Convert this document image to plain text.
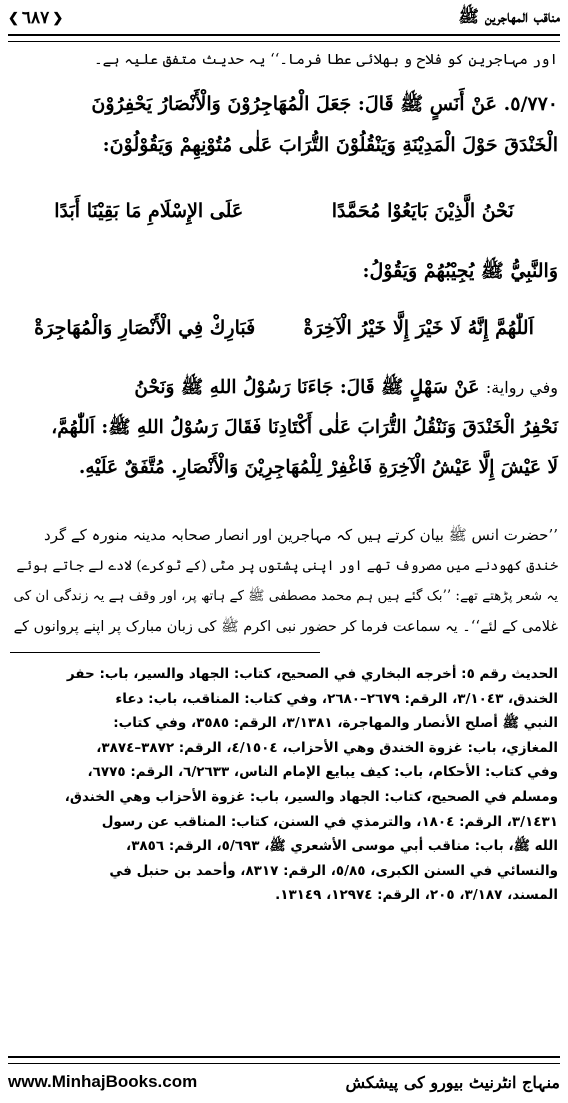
❮ ٦٨٧ ❯	مناقب المهاجرين ﷺ
اور مہاجرین کو فلاح و بھلائی عطا فرما۔‘‘ یہ حدیث متفق علیہ ہے۔
٥/٧٧٠. عَنْ أَنَسٍ ﷺ قَالَ: جَعَلَ الْمُهَاجِرُوْنَ وَالْأَنْصَارُ يَحْفِرُوْنَ
الْخَنْدَقَ حَوْلَ الْمَدِيْنَةِ وَيَنْقُلُوْنَ التُّرَابَ عَلٰى مُتُوْنِهِمْ وَيَقُوْلُوْنَ:
نَحْنُ الَّذِيْنَ بَايَعُوْا مُحَمَّدًا
عَلَى الإِسْلَامِ مَا بَقِيْنَا أَبَدًا
وَالنَّبِيُّ ﷺ يُجِيْبُهُمْ وَيَقُوْلُ:
اَللّٰهُمَّ إِنَّهُ لَا خَيْرَ إِلَّا خَيْرُ الْآخِرَةْ
فَبَارِكْ فِي الْأَنْصَارِ وَالْمُهَاجِرَةْ
وفي رواية: عَنْ سَهْلٍ ﷺ قَالَ: جَاءَنَا رَسُوْلُ اللهِ ﷺ وَنَحْنُ
نَحْفِرُ الْخَنْدَقَ وَنَنْقُلُ التُّرَابَ عَلٰى أَكْتَادِنَا فَقَالَ رَسُوْلُ اللهِ ﷺ: اَللّٰهُمَّ،
لَا عَيْشَ إِلَّا عَيْشُ الْآخِرَةِ فَاغْفِرْ لِلْمُهَاجِرِيْنَ وَالْأَنْصَارِ. مُتَّفَقٌ عَلَيْهِ.
’’حضرت انس ﷺ بیان کرتے ہیں کہ مہاجرین اور انصار صحابہ مدینہ منورہ کے گرد
خندق کھودنے میں مصروف تھے اور اپنی پشتوں پر مٹی (کے ٹوکرے) لادے لے جاتے ہوئے
یہ شعر پڑھتے تھے: ’’بک گئے ہیں ہم محمد مصطفی ﷺ کے ہاتھ پر، اور وقف ہے یہ زندگی ان کی
غلامی کے لئے‘‘۔ یہ سماعت فرما کر حضور نبی اکرم ﷺ کی زبان مبارک پر اپنے پروانوں کے
الحديث رقم ٥: أخرجه البخاري في الصحيح، كتاب: الجهاد والسير، باب: حفر
الخندق، ٣/١٠٤٣، الرقم: ٢٦٧٩–٢٦٨٠، وفي كتاب: المناقب، باب: دعاء
النبي ﷺ أصلح الأنصار والمهاجرة، ٣/١٣٨١، الرقم: ٣٥٨٥، وفي كتاب:
المغازي، باب: غزوة الخندق وهي الأحزاب، ٤/١٥٠٤، الرقم: ٣٨٧٢–٣٨٧٤،
وفي كتاب: الأحكام، باب: كيف يبايع الإمام الناس، ٦/٢٦٣٣، الرقم: ٦٧٧٥،
ومسلم في الصحيح، كتاب: الجهاد والسير، باب: غزوة الأحزاب وهي الخندق،
٣/١٤٣١، الرقم: ١٨٠٤، والترمذي في السنن، كتاب: المناقب عن رسول
الله ﷺ، باب: مناقب أبي موسى الأشعري ﷺ، ٥/٦٩٣، الرقم: ٣٨٥٦،
والنسائي في السنن الكبرى، ٥/٨٥، الرقم: ٨٣١٧، وأحمد بن حنبل في
المسند، ٣/١٨٧، ٢٠٥، الرقم: ١٢٩٧٤، ١٣١٤٩.
www.MinhajBooks.com	منہاج انٹرنیٹ بیورو کی پیشکش
